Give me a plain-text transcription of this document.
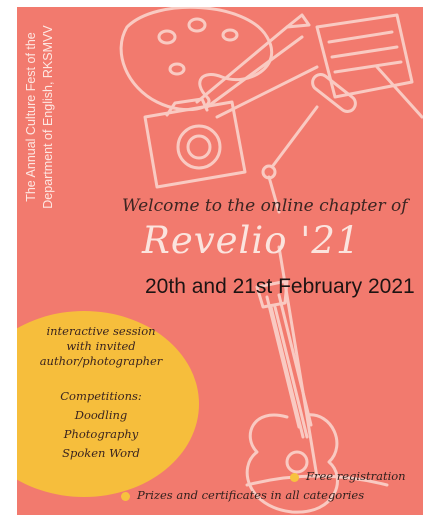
The Annual Culture Fest of the Department of English, RKSMVV	Welcome to the online chapter of
Revelio '21
20th and 21st February 2021
interactive session
with invited
author/photographer
Competitions:
Doodling
Photography
Spoken Word
Free registration
Prizes and certificates in all categories
